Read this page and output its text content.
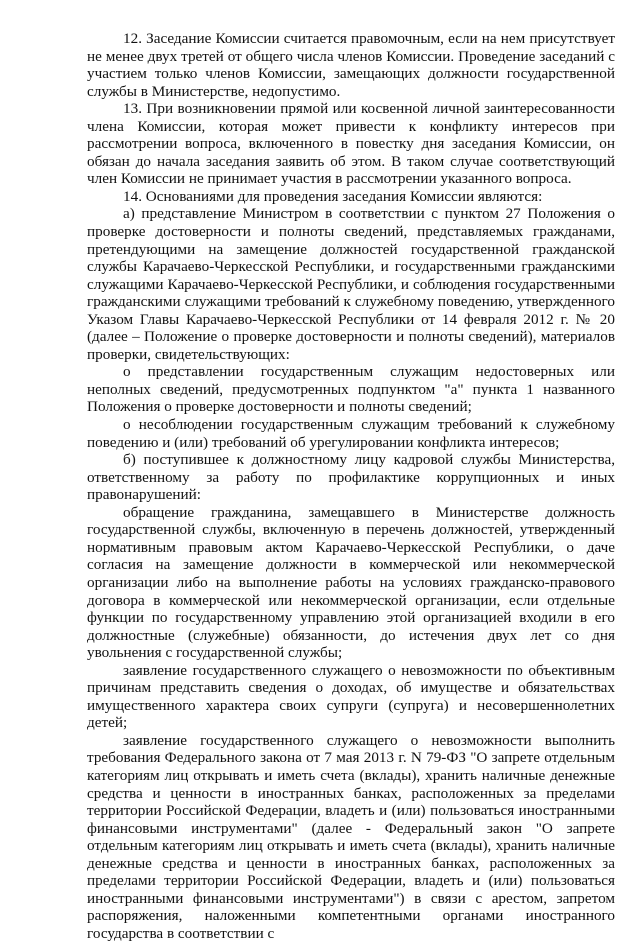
12. Заседание Комиссии считается правомочным, если на нем присутствует не менее двух третей от общего числа членов Комиссии. Проведение заседаний с участием только членов Комиссии, замещающих должности государственной службы в Министерстве, недопустимо.

13. При возникновении прямой или косвенной личной заинтересованности члена Комиссии, которая может привести к конфликту интересов при рассмотрении вопроса, включенного в повестку дня заседания Комиссии, он обязан до начала заседания заявить об этом. В таком случае соответствующий член Комиссии не принимает участия в рассмотрении указанного вопроса.

14. Основаниями для проведения заседания Комиссии являются:

а) представление Министром в соответствии с пунктом 27 Положения о проверке достоверности и полноты сведений, представляемых гражданами, претендующими на замещение должностей государственной гражданской службы Карачаево-Черкесской Республики, и государственными гражданскими служащими Карачаево-Черкесской Республики, и соблюдения государственными гражданскими служащими требований к служебному поведению, утвержденного Указом Главы Карачаево-Черкесской Республики от 14 февраля 2012 г. № 20 (далее – Положение о проверке достоверности и полноты сведений), материалов проверки, свидетельствующих:

о представлении государственным служащим недостоверных или неполных сведений, предусмотренных подпунктом "а" пункта 1 названного Положения о проверке достоверности и полноты сведений;

о несоблюдении государственным служащим требований к служебному поведению и (или) требований об урегулировании конфликта интересов;

б) поступившее к должностному лицу кадровой службы Министерства, ответственному за работу по профилактике коррупционных и иных правонарушений:

обращение гражданина, замещавшего в Министерстве должность государственной службы, включенную в перечень должностей, утвержденный нормативным правовым актом Карачаево-Черкесской Республики, о даче согласия на замещение должности в коммерческой или некоммерческой организации либо на выполнение работы на условиях гражданско-правового договора в коммерческой или некоммерческой организации, если отдельные функции по государственному управлению этой организацией входили в его должностные (служебные) обязанности, до истечения двух лет со дня увольнения с государственной службы;

заявление государственного служащего о невозможности по объективным причинам представить сведения о доходах, об имуществе и обязательствах имущественного характера своих супруги (супруга) и несовершеннолетних детей;

заявление государственного служащего о невозможности выполнить требования Федерального закона от 7 мая 2013 г. N 79-ФЗ "О запрете отдельным категориям лиц открывать и иметь счета (вклады), хранить наличные денежные средства и ценности в иностранных банках, расположенных за пределами территории Российской Федерации, владеть и (или) пользоваться иностранными финансовыми инструментами" (далее - Федеральный закон "О запрете отдельным категориям лиц открывать и иметь счета (вклады), хранить наличные денежные средства и ценности в иностранных банках, расположенных за пределами территории Российской Федерации, владеть и (или) пользоваться иностранными финансовыми инструментами") в связи с арестом, запретом распоряжения, наложенными компетентными органами иностранного государства в соответствии с
